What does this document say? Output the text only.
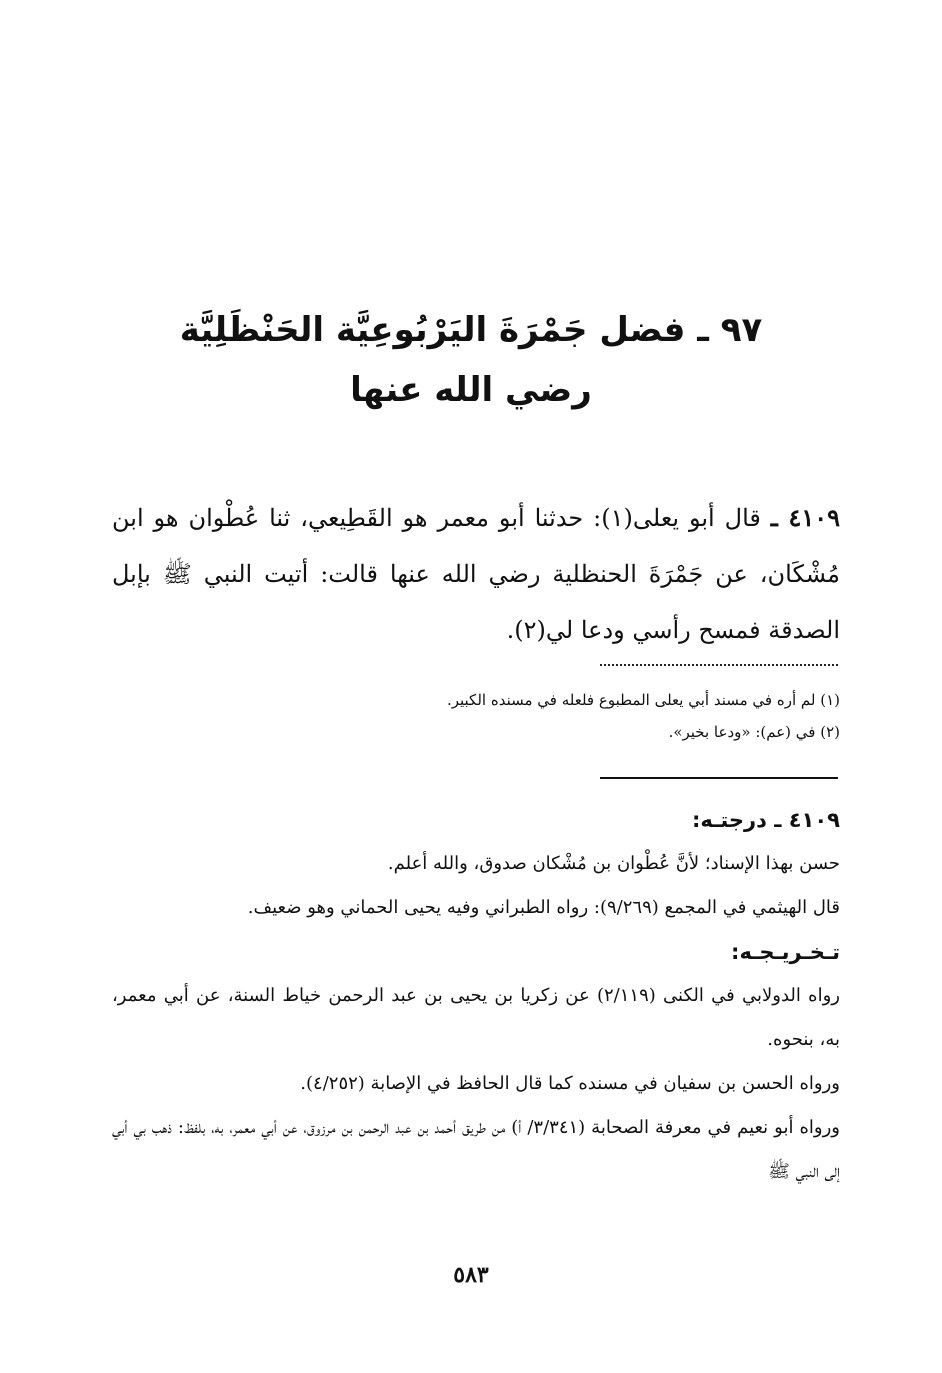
٩٧ ـ فضل جَمْرَةَ اليَرْبُوعِيَّة الحَنْظَلِيَّة
رضي الله عنها
٤١٠٩ ـ قال أبو يعلى(١): حدثنا أبو معمر هو القَطِيعي، ثنا عُطْوان هو ابن مُشْكَان، عن جَمْرَةَ الحنظلية رضي الله عنها قالت: أتيت النبي ﷺ بإبل الصدقة فمسح رأسي ودعا لي(٢).
(١) لم أره في مسند أبي يعلى المطبوع فلعله في مسنده الكبير.
(٢) في (عم): «ودعا بخير».
٤١٠٩ ـ درجتـه:
حسن بهذا الإسناد؛ لأنَّ عُطْوان بن مُشْكان صدوق، والله أعلم.
قال الهيثمي في المجمع (٩/٢٦٩): رواه الطبراني وفيه يحيى الحماني وهو ضعيف.
تـخـريـجـه:
رواه الدولابي في الكنى (٢/١١٩) عن زكريا بن يحيى بن عبد الرحمن خياط السنة، عن أبي معمر، به، بنحوه.
ورواه الحسن بن سفيان في مسنده كما قال الحافظ في الإصابة (٤/٢٥٢).
ورواه أبو نعيم في معرفة الصحابة (٣/٣٤١/ أ) من طريق أحمد بن عبد الرحمن بن مرزوق، عن أبي معمر، به، بلفظ: ذهب بي أبي إلى النبي ﷺ
٥٨٣
